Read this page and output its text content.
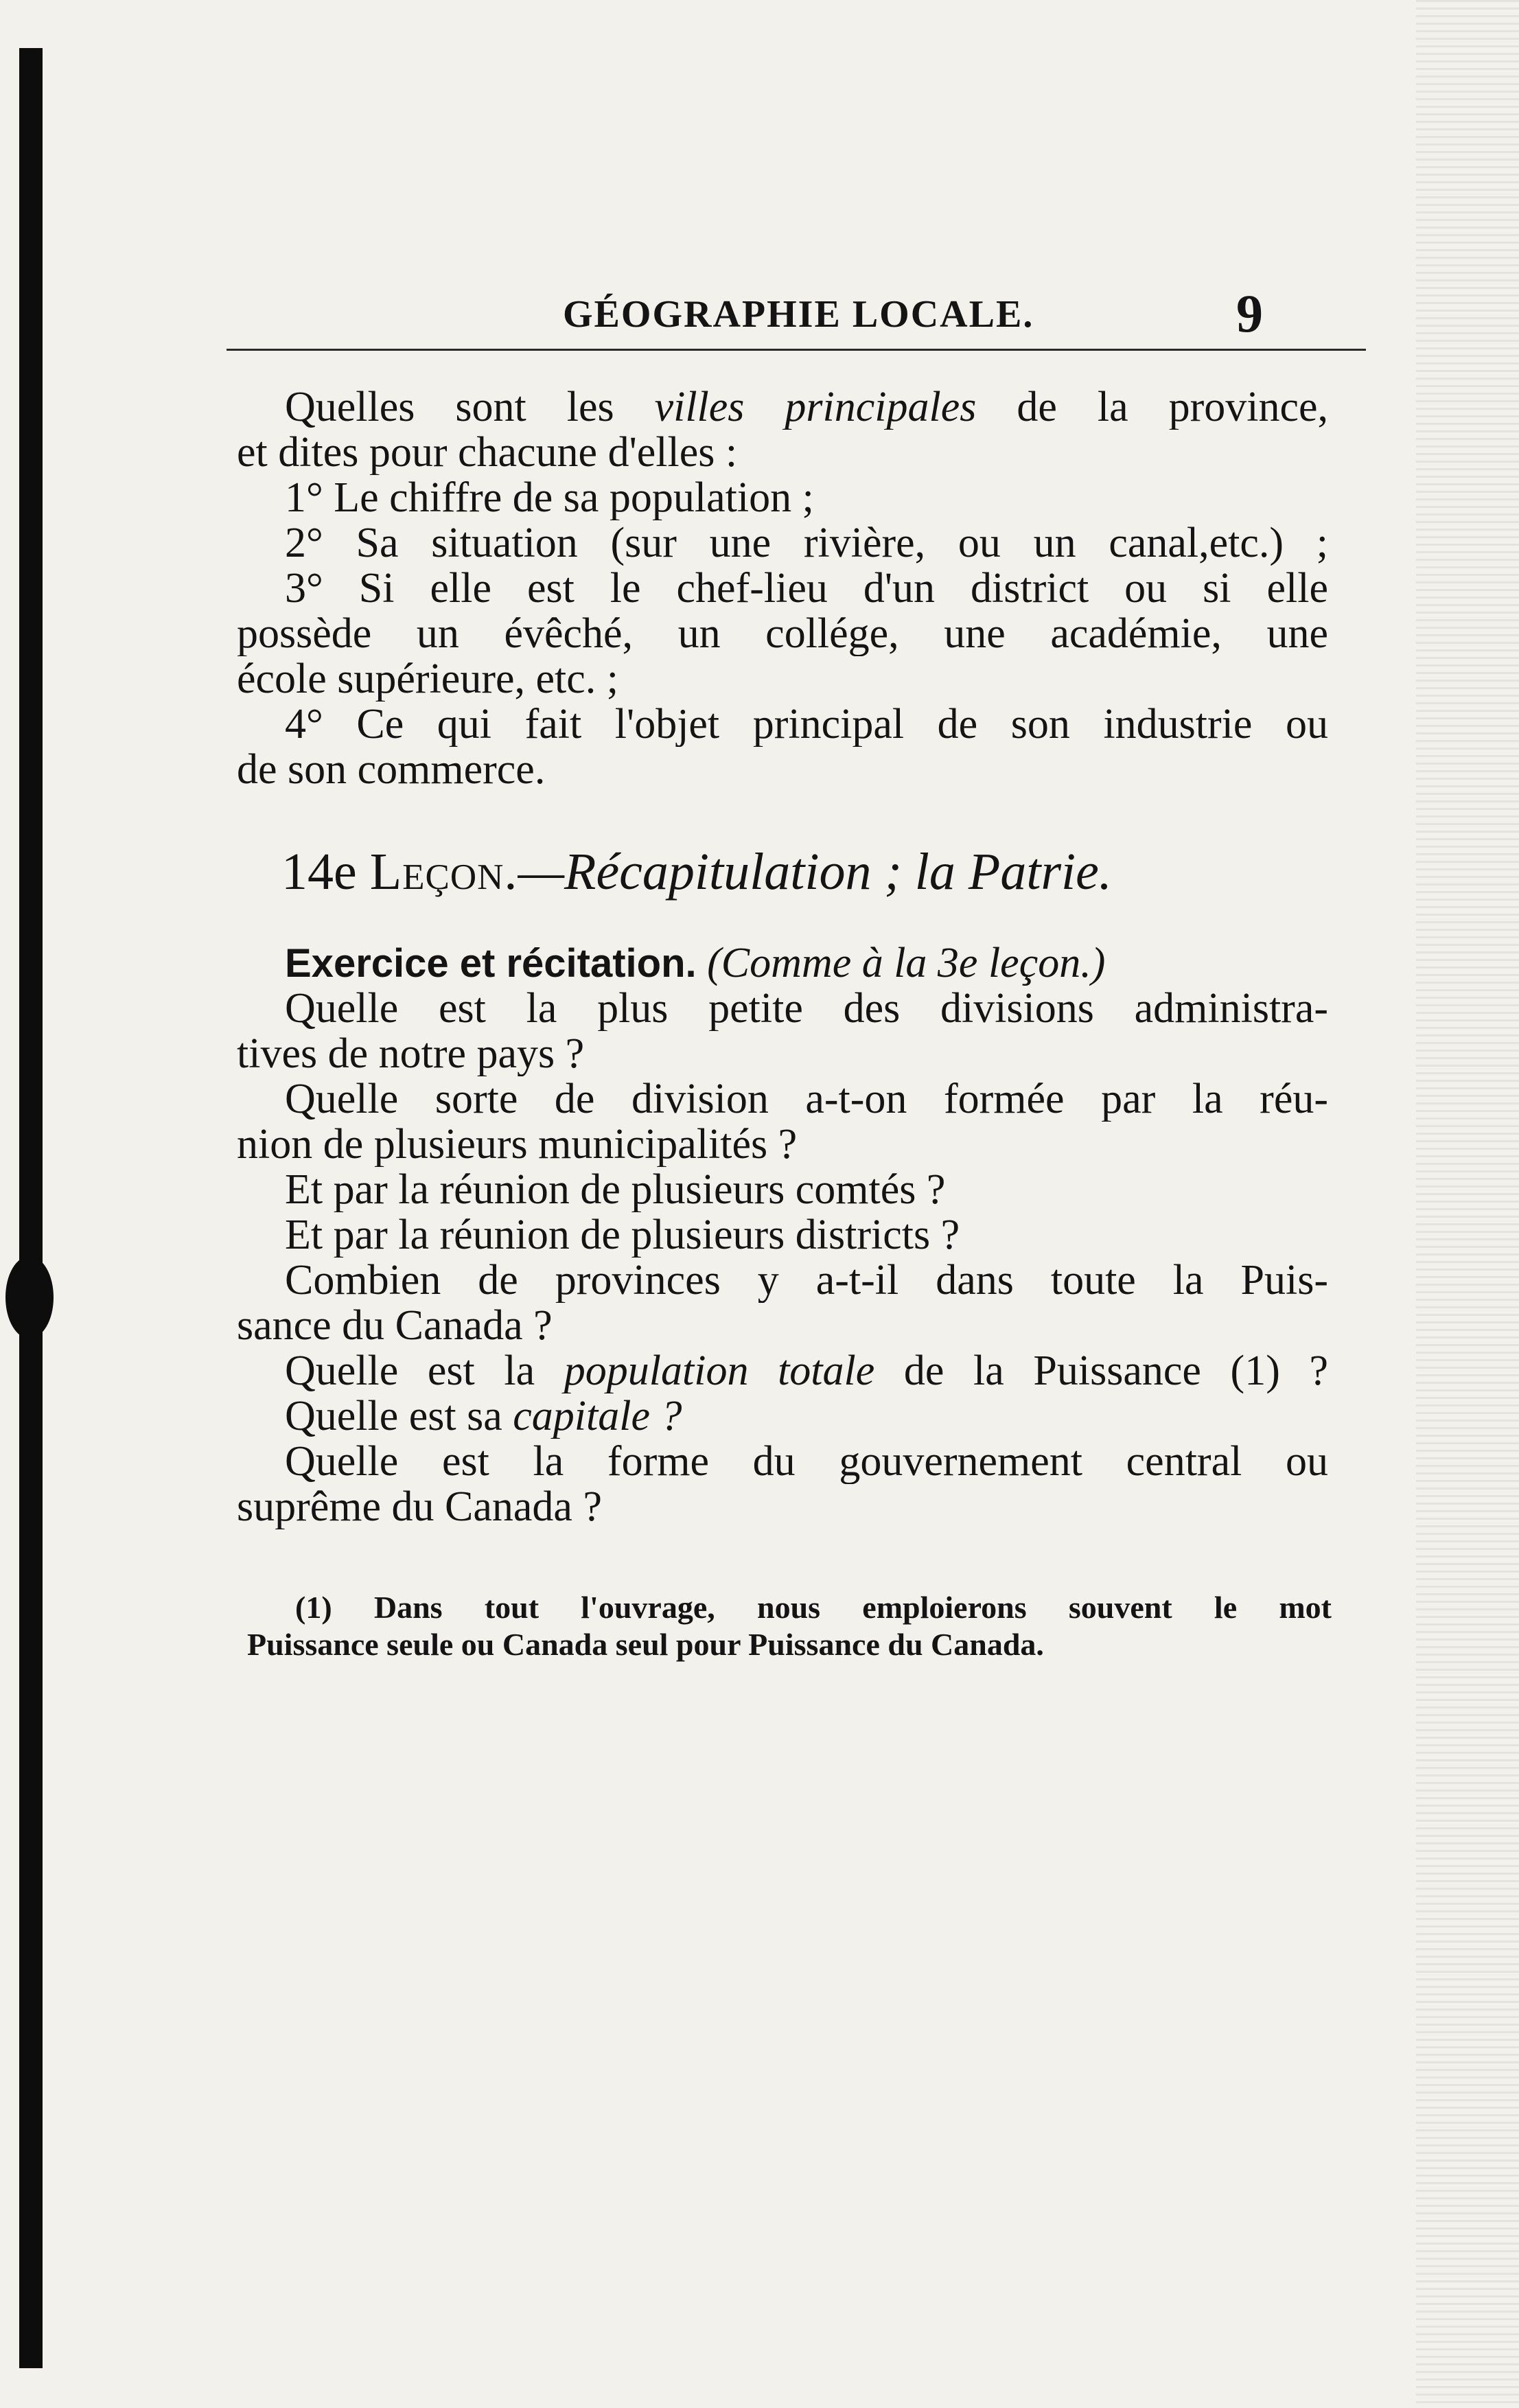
GÉOGRAPHIE LOCALE.	9
Quelles sont les villes principales de la province,
et dites pour chacune d'elles :
1° Le chiffre de sa population ;
2° Sa situation (sur une rivière, ou un canal,etc.) ;
3° Si elle est le chef-lieu d'un district ou si elle
possède un évêché, un collége, une académie, une
école supérieure, etc. ;
4° Ce qui fait l'objet principal de son industrie ou
de son commerce.
14e Leçon.—Récapitulation ; la Patrie.
Exercice et récitation. (Comme à la 3e leçon.)
Quelle est la plus petite des divisions administra-
tives de notre pays ?
Quelle sorte de division a-t-on formée par la réu-
nion de plusieurs municipalités ?
Et par la réunion de plusieurs comtés ?
Et par la réunion de plusieurs districts ?
Combien de provinces y a-t-il dans toute la Puis-
sance du Canada ?
Quelle est la population totale de la Puissance (1) ?
Quelle est sa capitale ?
Quelle est la forme du gouvernement central ou
suprême du Canada ?
(1) Dans tout l'ouvrage, nous emploierons souvent le mot
Puissance seule ou Canada seul pour Puissance du Canada.
